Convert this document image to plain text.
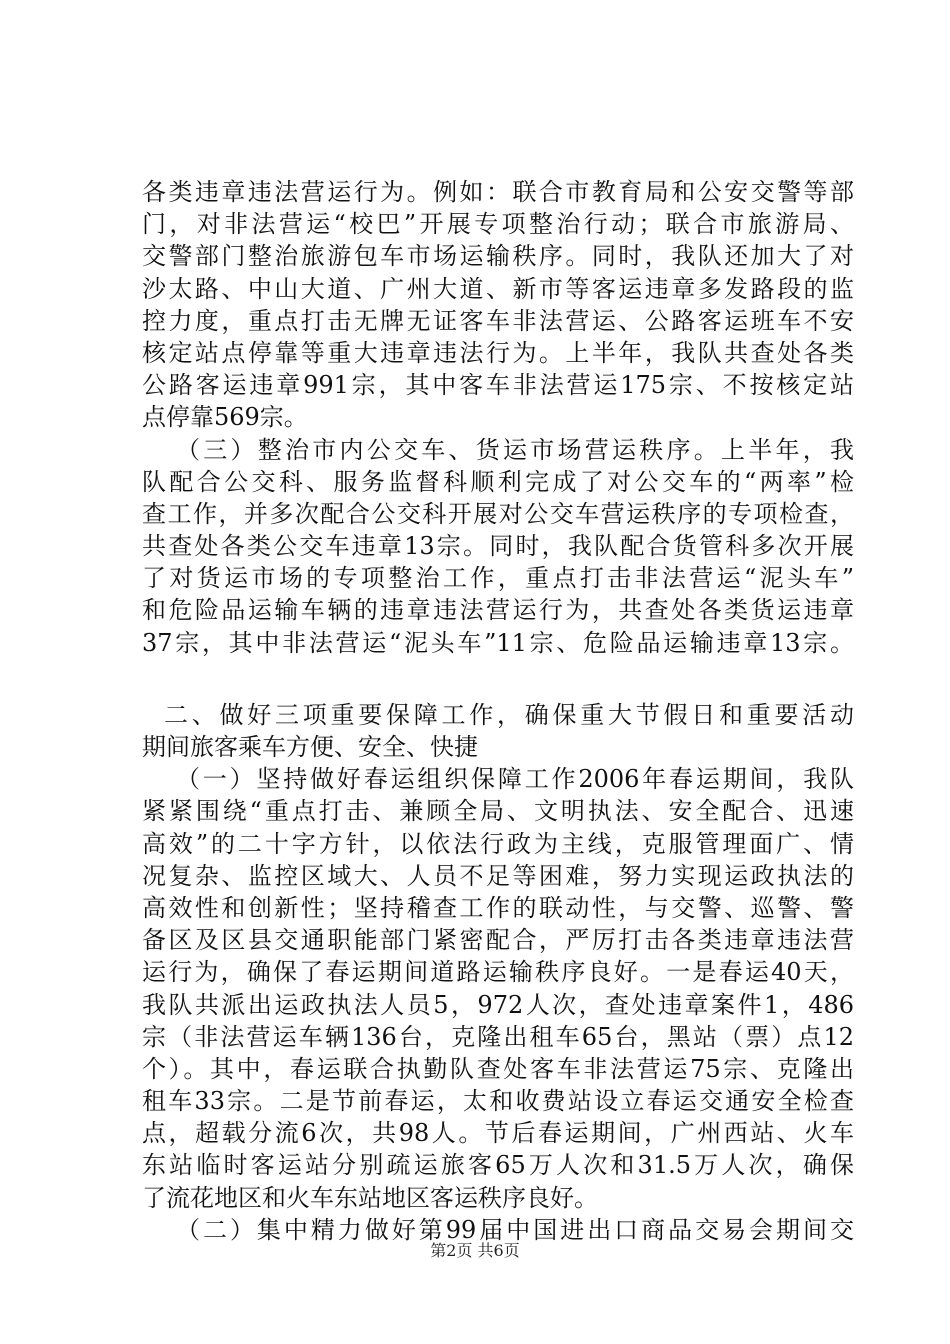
各类违章违法营运行为。例如：联合市教育局和公安交警等部
门，对非法营运“校巴”开展专项整治行动；联合市旅游局、
交警部门整治旅游包车市场运输秩序。同时，我队还加大了对
沙太路、中山大道、广州大道、新市等客运违章多发路段的监
控力度，重点打击无牌无证客车非法营运、公路客运班车不安
核定站点停靠等重大违章违法行为。上半年，我队共查处各类
公路客运违章991宗，其中客车非法营运175宗、不按核定站
点停靠569宗。
（三）整治市内公交车、货运市场营运秩序。上半年，我
队配合公交科、服务监督科顺利完成了对公交车的“两率”检
查工作，并多次配合公交科开展对公交车营运秩序的专项检查，
共查处各类公交车违章13宗。同时，我队配合货管科多次开展
了对货运市场的专项整治工作，重点打击非法营运“泥头车”
和危险品运输车辆的违章违法营运行为，共查处各类货运违章
37宗，其中非法营运“泥头车”11宗、危险品运输违章13宗。
二、做好三项重要保障工作，确保重大节假日和重要活动
期间旅客乘车方便、安全、快捷
（一）坚持做好春运组织保障工作2006年春运期间，我队
紧紧围绕“重点打击、兼顾全局、文明执法、安全配合、迅速
高效”的二十字方针，以依法行政为主线，克服管理面广、情
况复杂、监控区域大、人员不足等困难，努力实现运政执法的
高效性和创新性；坚持稽查工作的联动性，与交警、巡警、警
备区及区县交通职能部门紧密配合，严厉打击各类违章违法营
运行为，确保了春运期间道路运输秩序良好。一是春运40天，
我队共派出运政执法人员5，972人次，查处违章案件1，486
宗（非法营运车辆136台，克隆出租车65台，黑站（票）点12
个）。其中，春运联合执勤队查处客车非法营运75宗、克隆出
租车33宗。二是节前春运，太和收费站设立春运交通安全检查
点，超载分流6次，共98人。节后春运期间，广州西站、火车
东站临时客运站分别疏运旅客65万人次和31.5万人次，确保
了流花地区和火车东站地区客运秩序良好。
（二）集中精力做好第99届中国进出口商品交易会期间交
第2页 共6页
